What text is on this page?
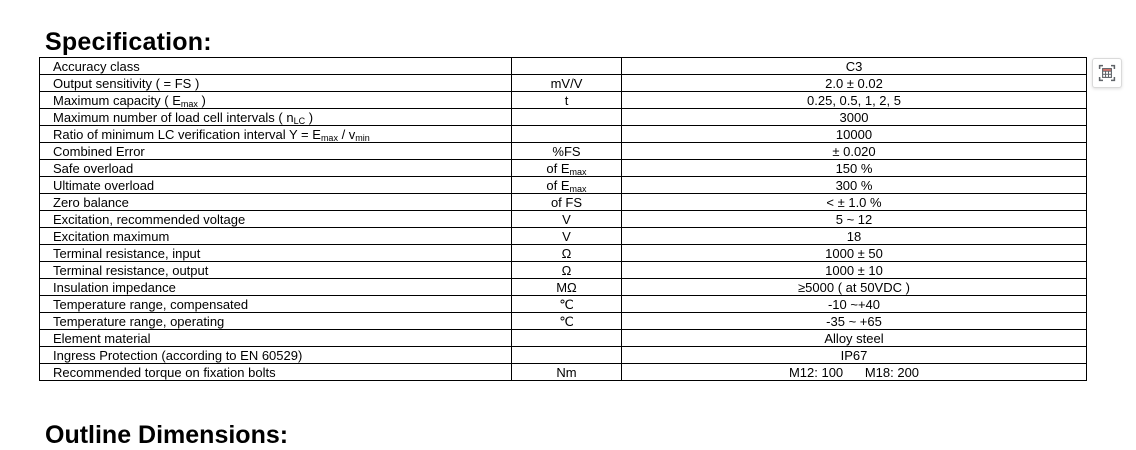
Specification:
Accuracy class		C3
Output sensitivity ( = FS )	mV/V	2.0 ± 0.02
Maximum capacity ( $E_{max}$ )	t	0.25, 0.5, 1, 2, 5
Maximum number of load cell intervals ( $n_{LC}$ )		3000
Ratio of minimum LC verification interval $Y = E_{max} / v_{min}$		10000
Combined Error	%FS	± 0.020
Safe overload	of $E_{max}$	150 %
Ultimate overload	of $E_{max}$	300 %
Zero balance	of FS	< ± 1.0 %
Excitation, recommended voltage	V	5 ~ 12
Excitation maximum	V	18
Terminal resistance, input	Ω	1000 ± 50
Terminal resistance, output	Ω	1000 ± 10
Insulation impedance	MΩ	≥5000 ( at 50VDC )
Temperature range, compensated	℃	-10 ~+40
Temperature range, operating	℃	-35 ~ +65
Element material		Alloy steel
Ingress Protection (according to EN 60529)		IP67
Recommended torque on fixation bolts	Nm	M12: 100      M18: 200
Outline Dimensions:
